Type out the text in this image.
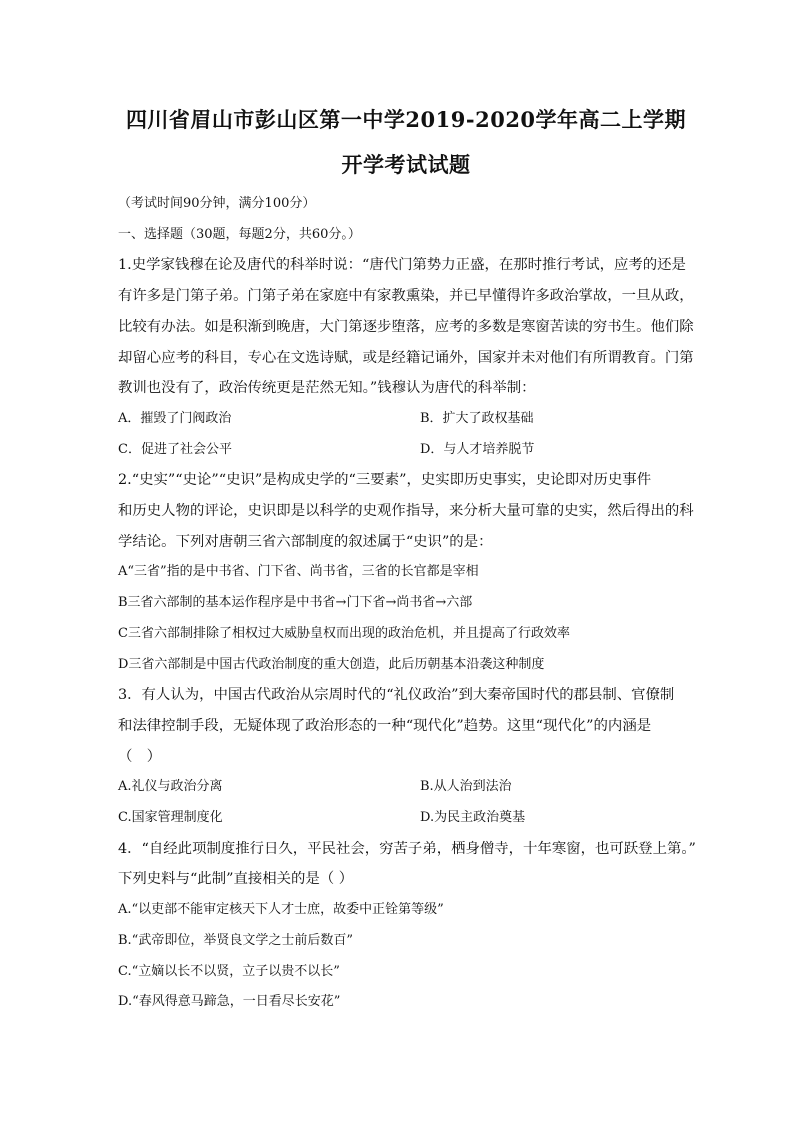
四川省眉山市彭山区第一中学2019-2020学年高二上学期
开学考试试题

（考试时间90分钟，满分100分）

一、选择题（30题，每题2分，共60分。）

1.史学家钱穆在论及唐代的科举时说：“唐代门第势力正盛，在那时推行考试，应考的还是

有许多是门第子弟。门第子弟在家庭中有家教熏染，并已早懂得许多政治掌故，一旦从政，

比较有办法。如是积渐到晚唐，大门第逐步堕落，应考的多数是寒窗苦读的穷书生。他们除

却留心应考的科目，专心在文选诗赋，或是经籍记诵外，国家并未对他们有所谓教育。门第

教训也没有了，政治传统更是茫然无知。”钱穆认为唐代的科举制：

A．摧毁了门阀政治	B．扩大了政权基础
C．促进了社会公平	D．与人才培养脱节

2.“史实”“史论”“史识”是构成史学的“三要素”，史实即历史事实，史论即对历史事件

和历史人物的评论，史识即是以科学的史观作指导，来分析大量可靠的史实，然后得出的科

学结论。下列对唐朝三省六部制度的叙述属于“史识”的是：

A“三省”指的是中书省、门下省、尚书省，三省的长官都是宰相

B三省六部制的基本运作程序是中书省→门下省→尚书省→六部

C三省六部制排除了相权过大威胁皇权而出现的政治危机，并且提高了行政效率

D三省六部制是中国古代政治制度的重大创造，此后历朝基本沿袭这种制度

3．有人认为，中国古代政治从宗周时代的“礼仪政治”到大秦帝国时代的郡县制、官僚制

和法律控制手段，无疑体现了政治形态的一种“现代化”趋势。这里“现代化”的内涵是

（　）

A.礼仪与政治分离	B.从人治到法治
C.国家管理制度化	D.为民主政治奠基

4．“自经此项制度推行日久，平民社会，穷苦子弟，栖身僧寺，十年寒窗，也可跃登上第。”

下列史料与“此制”直接相关的是（ ）

A.“以吏部不能审定核天下人才士庶，故委中正铨第等级”

B.“武帝即位，举贤良文学之士前后数百”

C.“立嫡以长不以贤，立子以贵不以长”

D.“春风得意马蹄急，一日看尽长安花”
